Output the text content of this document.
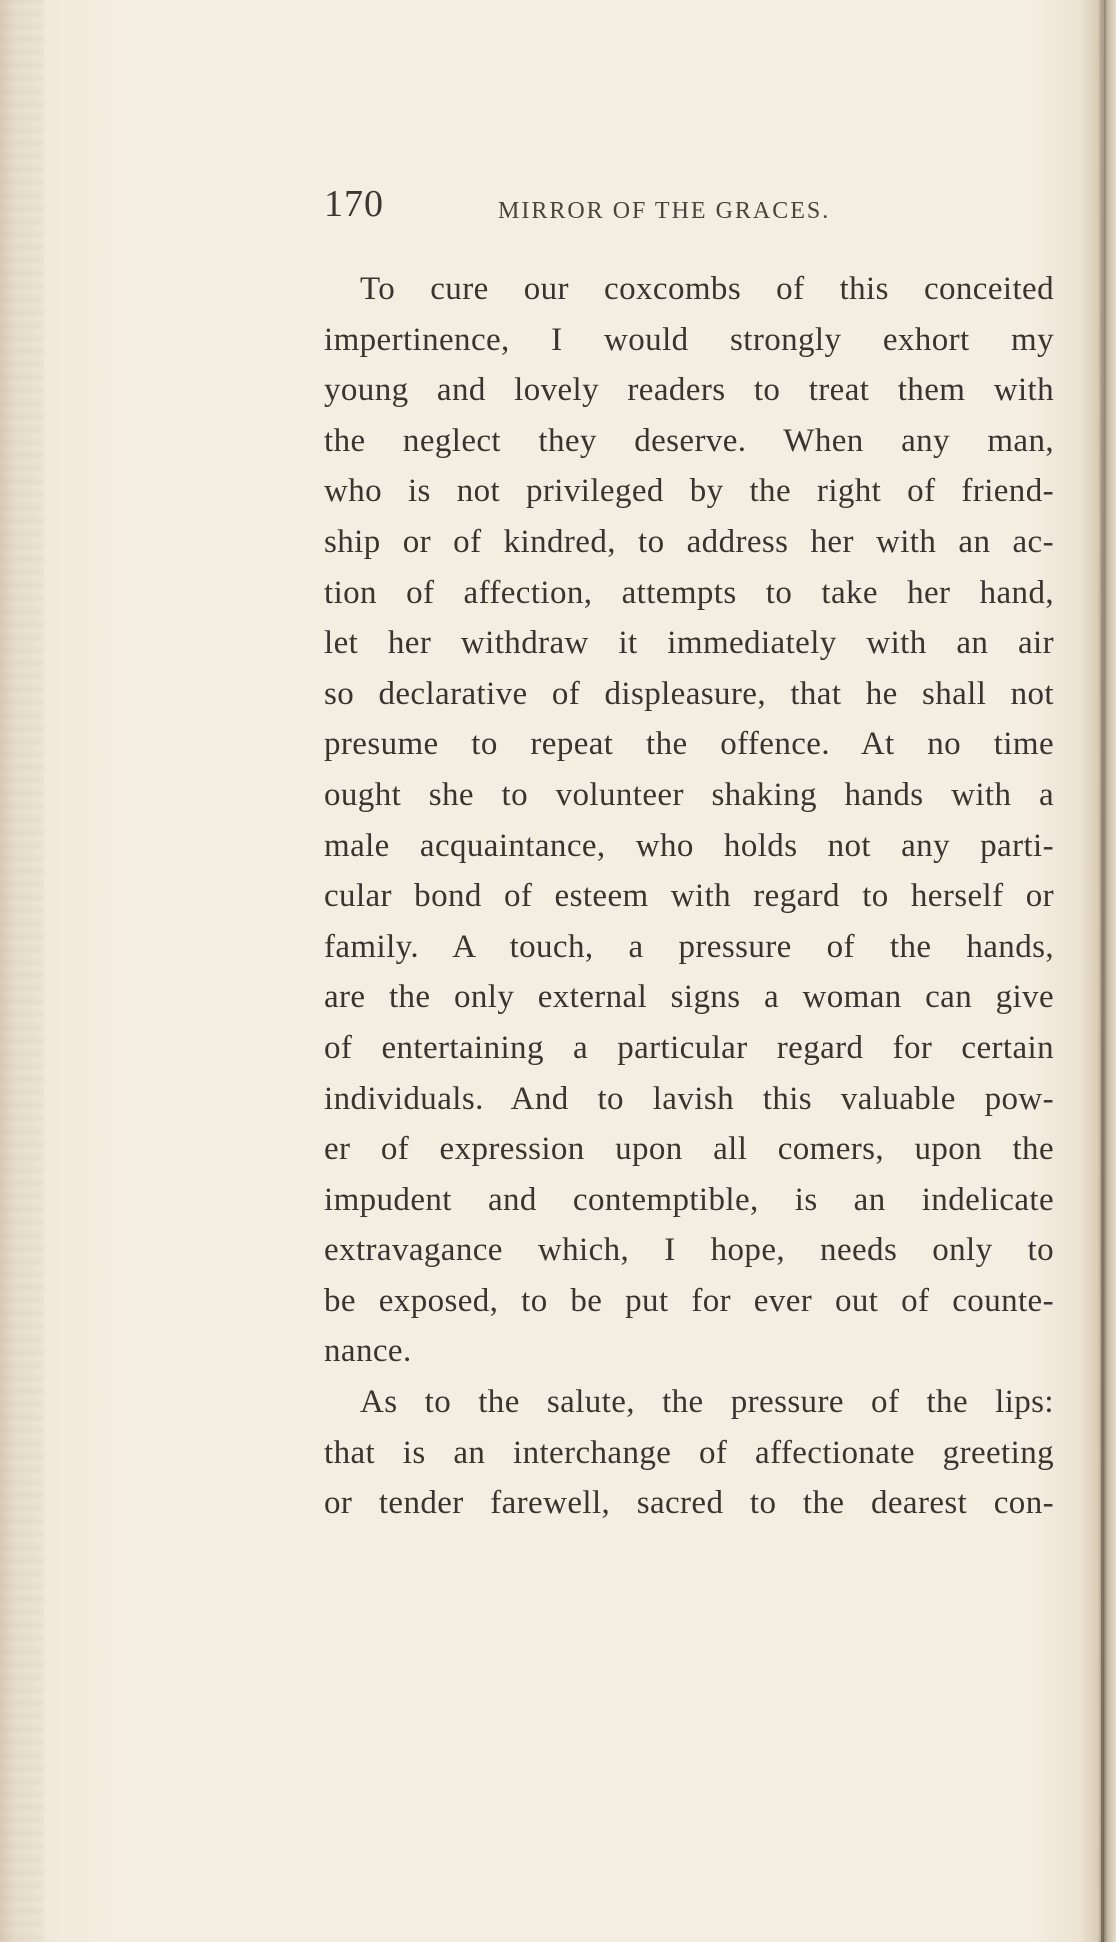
170	MIRROR OF THE GRACES.
To cure our coxcombs of this conceited
impertinence, I would strongly exhort my
young and lovely readers to treat them with
the neglect they deserve. When any man,
who is not privileged by the right of friend-
ship or of kindred, to address her with an ac-
tion of affection, attempts to take her hand,
let her withdraw it immediately with an air
so declarative of displeasure, that he shall not
presume to repeat the offence. At no time
ought she to volunteer shaking hands with a
male acquaintance, who holds not any parti-
cular bond of esteem with regard to herself or
family. A touch, a pressure of the hands,
are the only external signs a woman can give
of entertaining a particular regard for certain
individuals. And to lavish this valuable pow-
er of expression upon all comers, upon the
impudent and contemptible, is an indelicate
extravagance which, I hope, needs only to
be exposed, to be put for ever out of counte-
nance.
As to the salute, the pressure of the lips:
that is an interchange of affectionate greeting
or tender farewell, sacred to the dearest con-
